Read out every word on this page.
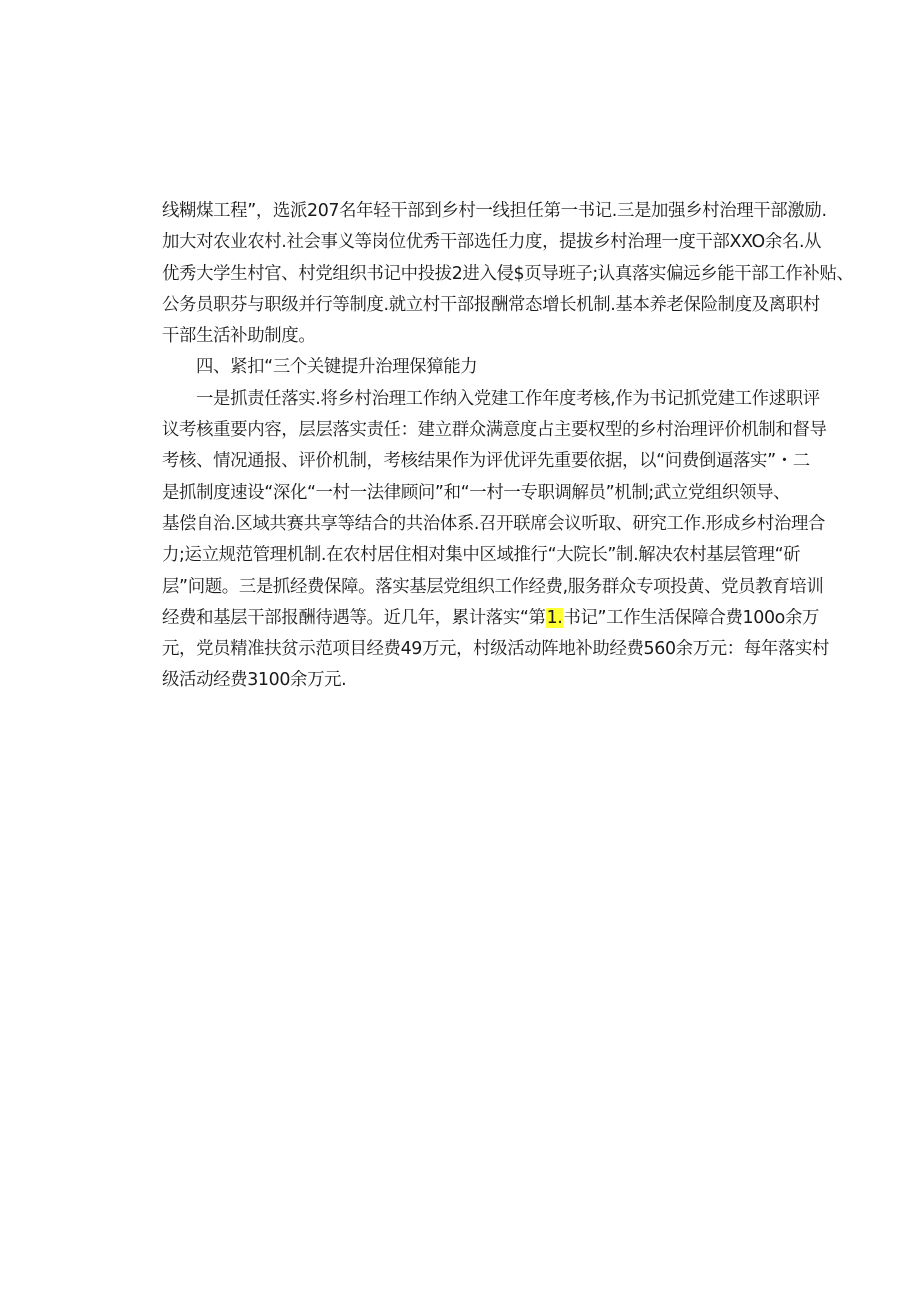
线糊煤工程”，选派207名年轻干部到乡村一线担任第一书记.三是加强乡村治理干部激励.
加大对农业农村.社会事义等岗位优秀干部选任力度，提拔乡村治理一度干部XXO余名.从
优秀大学生村官、村党组织书记中投拔2进入侵$页导班子;认真落实偏远乡能干部工作补贴、
公务员职芬与职级并行等制度.就立村干部报酬常态增长机制.基本养老保险制度及离职村
干部生活补助制度。
四、紧扣“三个关键提升治理保獐能力
一是抓责任落实.将乡村治理工作纳入党建工作年度考核,作为书记抓党建工作逑职评
议考核重要内容，层层落实责任：建立群众满意度占主要权型的乡村治理评价机制和督导
考核、情况通报、评价机制，考核结果作为评优评先重要依据，以“问费倒逼落实”・二
是抓制度速设“深化“一村一法律顾问”和“一村一专职调解员”机制;武立党组织领导、
基偿自治.区域共赛共享等结合的共治体系.召开联席会议听取、研究工作.形成乡村治理合
力;运立规范管理机制.在农村居住相对集中区域推行“大院长”制.解决农村基层管理“斫
层”问题。三是抓经费保障。落实基层党组织工作经费,服务群众专项投黄、党员教育培训
经费和基层干部报酬待遇等。近几年，累计落实“第1.书记”工作生活保障合费100o余万
元，党员精准扶贫示范项目经费49万元，村级活动阵地补助经费560余万元：每年落实村
级活动经费3100余万元.
